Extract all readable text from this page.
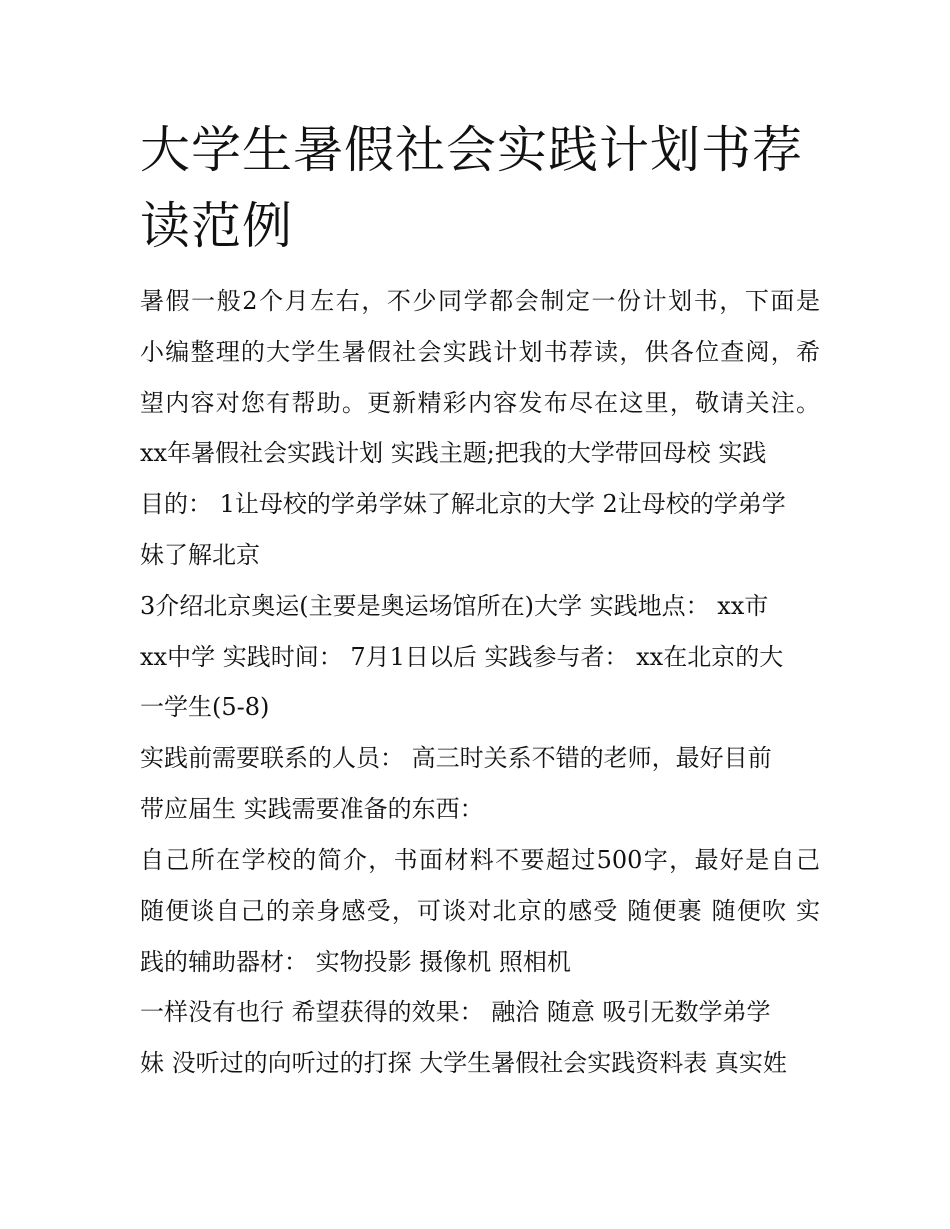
大学生暑假社会实践计划书荐
读范例

暑假一般2个月左右，不少同学都会制定一份计划书，下面是

小编整理的大学生暑假社会实践计划书荐读，供各位查阅，希

望内容对您有帮助。更新精彩内容发布尽在这里，敬请关注。

xx年暑假社会实践计划 实践主题;把我的大学带回母校 实践

目的： 1让母校的学弟学妹了解北京的大学 2让母校的学弟学

妹了解北京

3介绍北京奥运(主要是奥运场馆所在)大学 实践地点： xx市

xx中学 实践时间： 7月1日以后 实践参与者： xx在北京的大

一学生(5-8)

实践前需要联系的人员： 高三时关系不错的老师，最好目前

带应届生 实践需要准备的东西：

自己所在学校的简介，书面材料不要超过500字，最好是自己

随便谈自己的亲身感受，可谈对北京的感受 随便裹 随便吹 实

践的辅助器材： 实物投影 摄像机 照相机

一样没有也行 希望获得的效果： 融洽 随意 吸引无数学弟学

妹 没听过的向听过的打探 大学生暑假社会实践资料表 真实姓
